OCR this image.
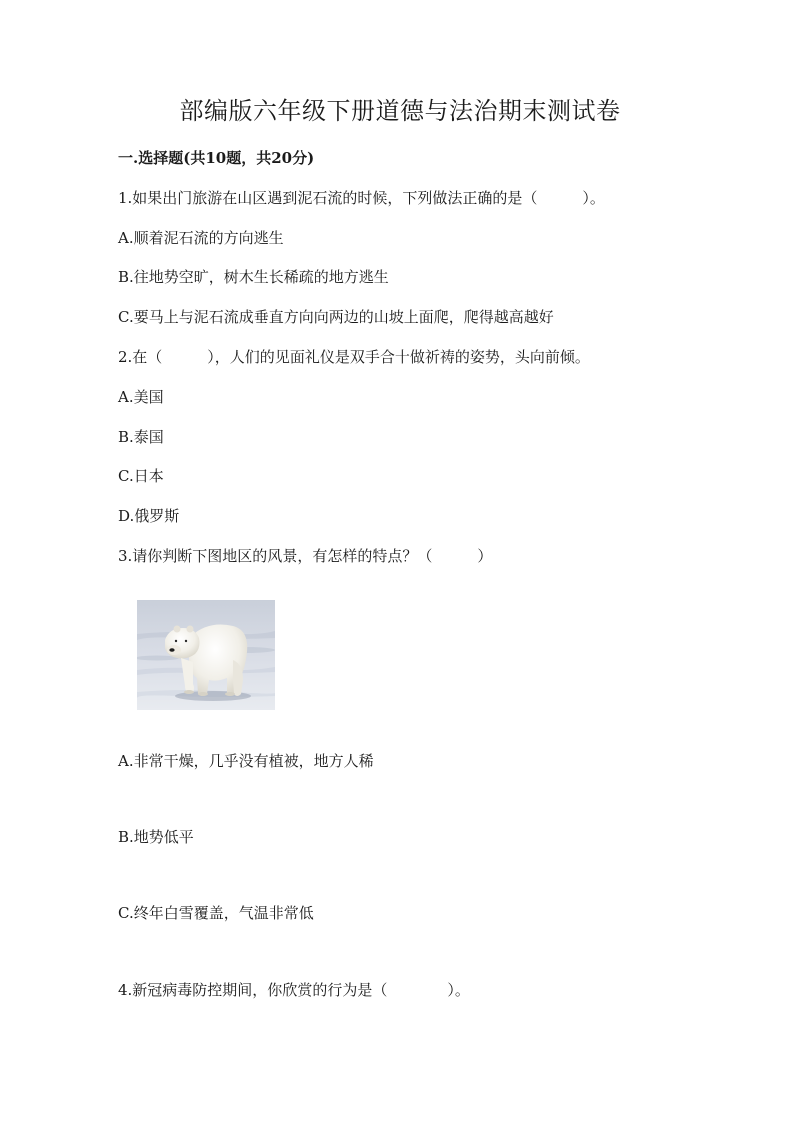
部编版六年级下册道德与法治期末测试卷
一.选择题(共10题，共20分)
1.如果出门旅游在山区遇到泥石流的时候，下列做法正确的是（　　　）。
A.顺着泥石流的方向逃生
B.往地势空旷，树木生长稀疏的地方逃生
C.要马上与泥石流成垂直方向向两边的山坡上面爬，爬得越高越好
2.在（　　　），人们的见面礼仪是双手合十做祈祷的姿势，头向前倾。
A.美国
B.泰国
C.日本
D.俄罗斯
3.请你判断下图地区的风景，有怎样的特点？（　　　）
A.非常干燥，几乎没有植被，地方人稀
B.地势低平
C.终年白雪覆盖，气温非常低
4.新冠病毒防控期间，你欣赏的行为是（　　　　）。
